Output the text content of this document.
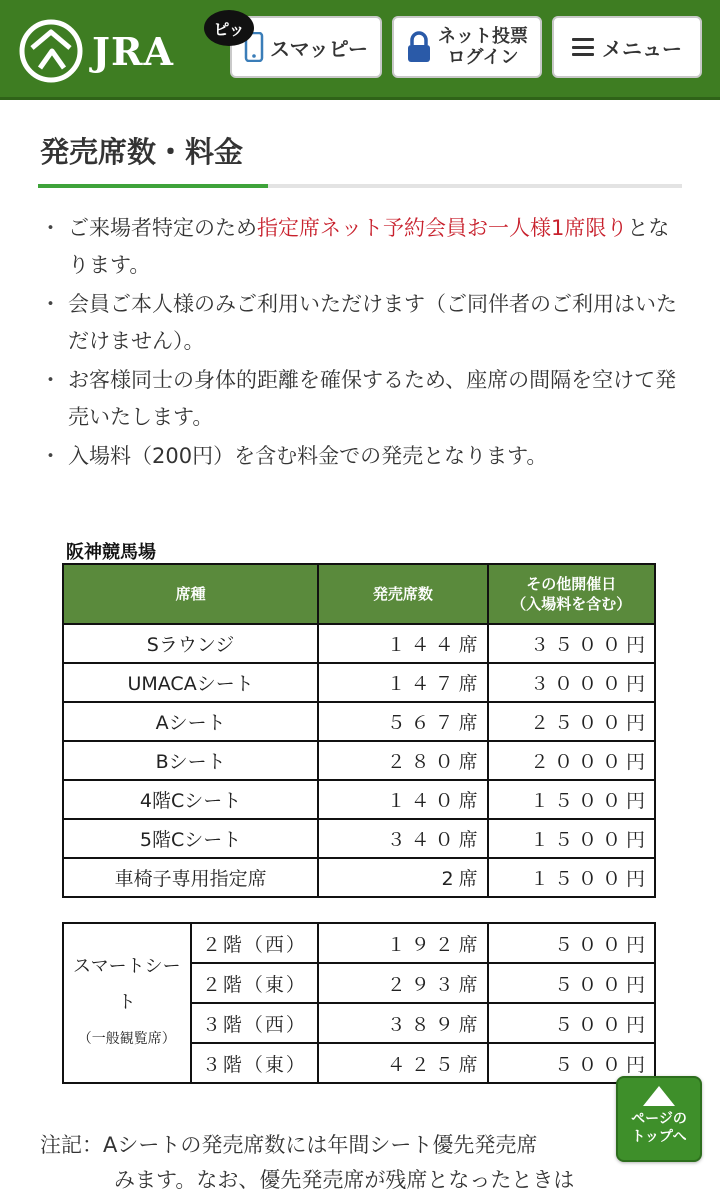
JRA	スマッピー	ネット投票
ログイン	メニュー
ピッ
発売席数・料金
・ ご来場者特定のため指定席ネット予約会員お一人様1席限りとなります。
・ 会員ご本人様のみご利用いただけます（ご同伴者のご利用はいただけません）。
・ お客様同士の身体的距離を確保するため、座席の間隔を空けて発売いたします。
・ 入場料（200円）を含む料金での発売となります。
阪神競馬場
席種	発売席数	その他開催日
（入場料を含む）

Sラウンジ	１４４席	３５００円
UMACAシート	１４７席	３０００円
Aシート	５６７席	２５００円
Bシート	２８０席	２０００円
4階Cシート	１４０席	１５００円
5階Cシート	３４０席	１５００円
車椅子専用指定席	2席	１５００円
スマートシート
（一般観覧席）	２階（西）	１９２席	５００円
	２階（東）	２９３席	５００円
	３階（西）	３８９席	５００円
	３階（東）	４２５席	５００円
注記：Aシートの発売席数には年間シート優先発売席
みます。なお、優先発売席が残席となったときは
ページの
トップへ
